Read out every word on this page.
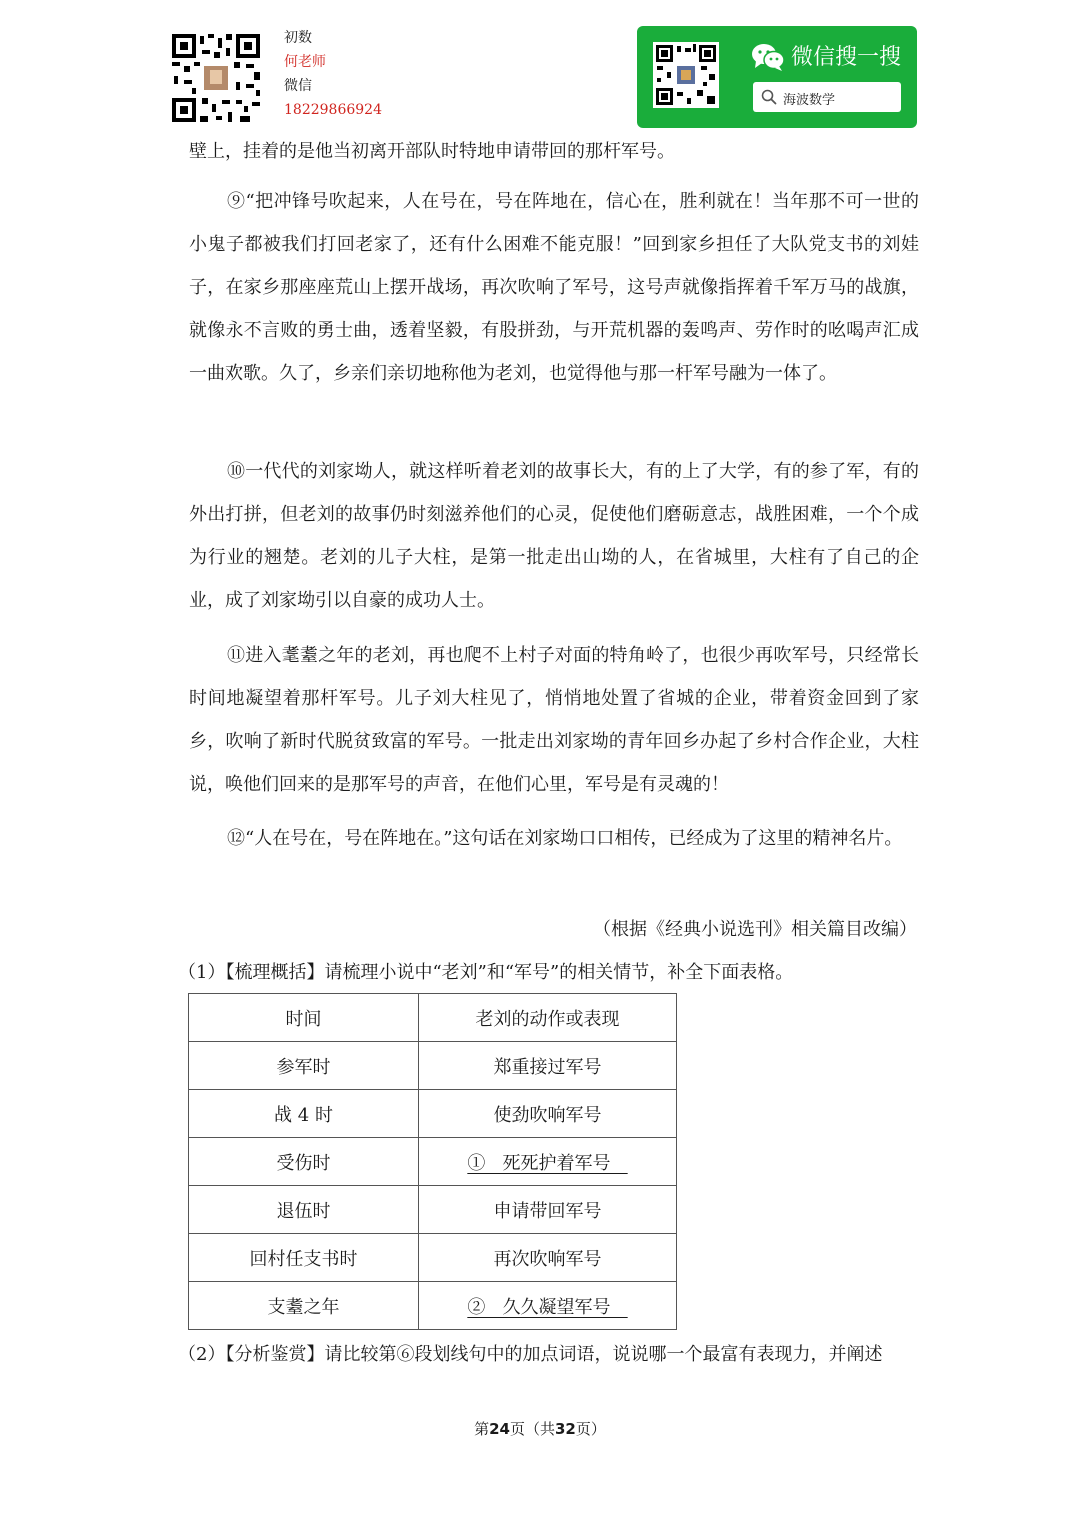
初数
何老师
微信
18229866924
微信搜一搜
海波数学

壁上，挂着的是他当初离开部队时特地申请带回的那杆军号。

⑨“把冲锋号吹起来，人在号在，号在阵地在，信心在，胜利就在！当年那不可一世的小鬼子都被我们打回老家了，还有什么困难不能克服！”回到家乡担任了大队党支书的刘娃子，在家乡那座座荒山上摆开战场，再次吹响了军号，这号声就像指挥着千军万马的战旗，就像永不言败的勇士曲，透着坚毅，有股拼劲，与开荒机器的轰鸣声、劳作时的吆喝声汇成一曲欢歌。久了，乡亲们亲切地称他为老刘，也觉得他与那一杆军号融为一体了。

⑩一代代的刘家坳人，就这样听着老刘的故事长大，有的上了大学，有的参了军，有的外出打拼，但老刘的故事仍时刻滋养他们的心灵，促使他们磨砺意志，战胜困难，一个个成为行业的翘楚。老刘的儿子大柱，是第一批走出山坳的人，在省城里，大柱有了自己的企业，成了刘家坳引以自豪的成功人士。

⑪进入耄耋之年的老刘，再也爬不上村子对面的特角岭了，也很少再吹军号，只经常长时间地凝望着那杆军号。儿子刘大柱见了，悄悄地处置了省城的企业，带着资金回到了家乡，吹响了新时代脱贫致富的军号。一批走出刘家坳的青年回乡办起了乡村合作企业，大柱说，唤他们回来的是那军号的声音，在他们心里，军号是有灵魂的！

⑫“人在号在，号在阵地在。”这句话在刘家坳口口相传，已经成为了这里的精神名片。

（根据《经典小说选刊》相关篇目改编）
（1）【梳理概括】请梳理小说中“老刘”和“军号”的相关情节，补全下面表格。
时间	老刘的动作或表现
参军时	郑重接过军号
战 4 时	使劲吹响军号
受伤时	①   死死护着军号
退伍时	申请带回军号
回村任支书时	再次吹响军号
支耋之年	②   久久凝望军号
（2）【分析鉴赏】请比较第⑥段划线句中的加点词语，说说哪一个最富有表现力，并阐述
第24页（共32页）
